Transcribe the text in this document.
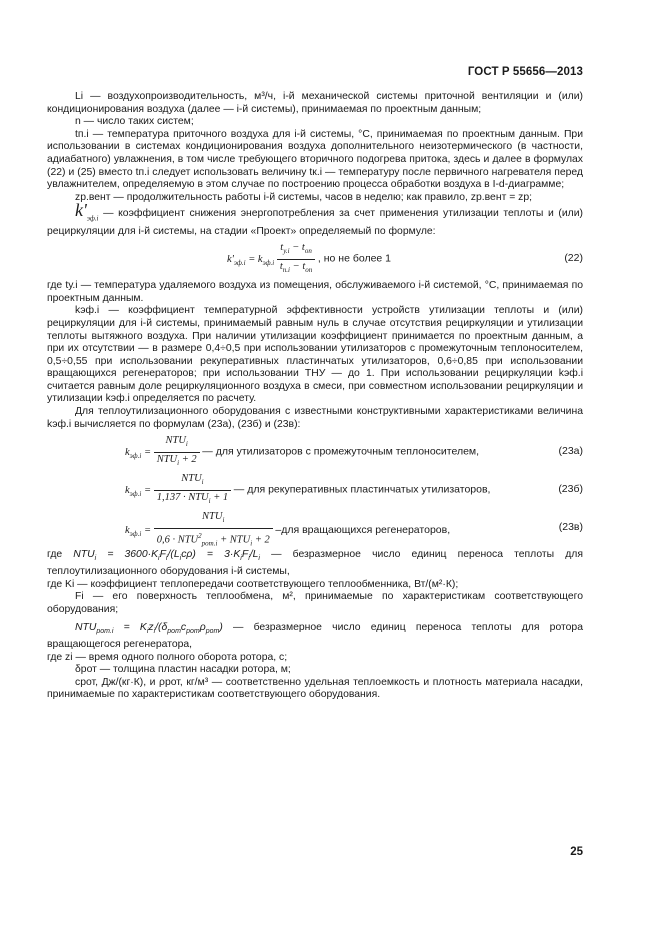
ГОСТ Р 55656—2013

Li — воздухопроизводительность, м³/ч, i-й механической системы приточной вентиляции и (или) кондиционирования воздуха (далее — i-й системы), принимаемая по проектным данным;

n — число таких систем;

tп.i — температура приточного воздуха для i-й системы, °С, принимаемая по проектным данным. При использовании в системах кондиционирования воздуха дополнительного неизотермического (в частности, адиабатного) увлажнения, в том числе требующего вторичного подогрева притока, здесь и далее в формулах (22) и (25) вместо tп.i следует использовать величину tк.i — температуру после первичного нагревателя перед увлажнителем, определяемую в этом случае по построению процесса обработки воздуха в I-d-диаграмме;

zр.вент — продолжительность работы i-й системы, часов в неделю; как правило, zр.вент = zр;

$k'_{эф.i}$ — коэффициент снижения энергопотребления за счет применения утилизации теплоты и (или) рециркуляции для i-й системы, на стадии «Проект» определяемый по формуле:

$k'_{эф.i} = k_{эф.i}$
$t_{у.i} - t_{оп}$
$t_{п.i} - t_{оп}$
, но не более 1	(22)

где tу.i — температура удаляемого воздуха из помещения, обслуживаемого i-й системой, °С, принимаемая по проектным данным.

kэф.i — коэффициент температурной эффективности устройств утилизации теплоты и (или) рециркуляции для i-й системы, принимаемый равным нуль в случае отсутствия рециркуляции и утилизации теплоты вытяжного воздуха. При наличии утилизации коэффициент принимается по проектным данным, а при их отсутствии — в размере 0,4÷0,5 при использовании утилизаторов с промежуточным теплоносителем, 0,5÷0,55 при использовании рекуперативных пластинчатых утилизаторов, 0,6÷0,85 при использовании вращающихся регенераторов; при использовании ТНУ — до 1. При использовании рециркуляции kэф.i считается равным доле рециркуляционного воздуха в смеси, при совместном использовании рециркуляции и утилизации kэф.i определяется по расчету.

Для теплоутилизационного оборудования с известными конструктивными характеристиками величина kэф.i вычисляется по формулам (23а), (23б) и (23в):

$k_{эф.i}$ =
$NTU_i$
$NTU_i + 2$
— для утилизаторов с промежуточным теплоносителем,	(23а)
$k_{эф.i}$ =
$NTU_i$
$1,137 \cdot NTU_i + 1$
— для рекуперативных пластинчатых утилизаторов,	(23б)
$k_{эф.i}$ =
$NTU_i$
$0,6 \cdot NTU^2_{рот.i} + NTU_i + 2$
–для вращающихся регенераторов,	(23в)

где $NTU_i = 3600\cdot K_iF_i/(L_ic\rho) = 3\cdot K_iF_i/L_i$ — безразмерное число единиц переноса теплоты для теплоутилизационного оборудования i-й системы,

где Ki — коэффициент теплопередачи соответствующего теплообменника, Вт/(м²·К);

Fi — его поверхность теплообмена, м², принимаемые по характеристикам соответствующего оборудования;

$NTU_{рот.i} = K_iz_i/(\delta_{рот}c_{рот}\rho_{рот})$ — безразмерное число единиц переноса теплоты для ротора вращающегося регенератора,

где zi — время одного полного оборота ротора, с;

δрот — толщина пластин насадки ротора, м;

срот, Дж/(кг·К), и ρрот, кг/м³ — соответственно удельная теплоемкость и плотность материала насадки, принимаемые по характеристикам соответствующего оборудования.

25
